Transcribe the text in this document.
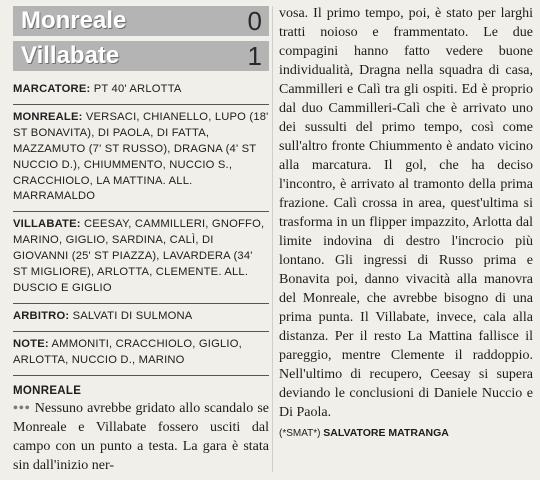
Monreale	0
Villabate	1
MARCATORE: PT 40' ARLOTTA
MONREALE: VERSACI, CHIANELLO, LUPO (18' ST BONAVITA), DI PAOLA, DI FATTA, MAZZAMUTO (7' ST RUSSO), DRAGNA (4' ST NUCCIO D.), CHIUMMENTO, NUCCIO S., CRACCHIOLO, LA MATTINA. ALL. MARRAMALDO
VILLABATE: CEESAY, CAMMILLERI, GNOFFO, MARINO, GIGLIO, SARDINA, CALÌ, DI GIOVANNI (25' ST PIAZZA), LAVARDERA (34' ST MIGLIORE), ARLOTTA, CLEMENTE. ALL. DUSCIO E GIGLIO
ARBITRO: SALVATI DI SULMONA
NOTE: AMMONITI, CRACCHIOLO, GIGLIO, ARLOTTA, NUCCIO D., MARINO
MONREALE
••• Nessuno avrebbe gridato allo scandalo se Monreale e Villabate fossero usciti dal campo con un punto a testa. La gara è stata sin dall'inizio ner-

vosa. Il primo tempo, poi, è stato per larghi tratti noioso e frammentato. Le due compagini hanno fatto vedere buone individualità, Dragna nella squadra di casa, Cammilleri e Calì tra gli ospiti. Ed è proprio dal duo Cammilleri-Calì che è arrivato uno dei sussulti del primo tempo, così come sull'altro fronte Chiummento è andato vicino alla marcatura. Il gol, che ha deciso l'incontro, è arrivato al tramonto della prima frazione. Calì crossa in area, quest'ultima si trasforma in un flipper impazzito, Arlotta dal limite indovina di destro l'incrocio più lontano. Gli ingressi di Russo prima e Bonavita poi, danno vivacità alla manovra del Monreale, che avrebbe bisogno di una prima punta. Il Villabate, invece, cala alla distanza. Per il resto La Mattina fallisce il pareggio, mentre Clemente il raddoppio. Nell'ultimo di recupero, Ceesay si supera deviando le conclusioni di Daniele Nuccio e Di Paola.

(*SMAT*) SALVATORE MATRANGA
